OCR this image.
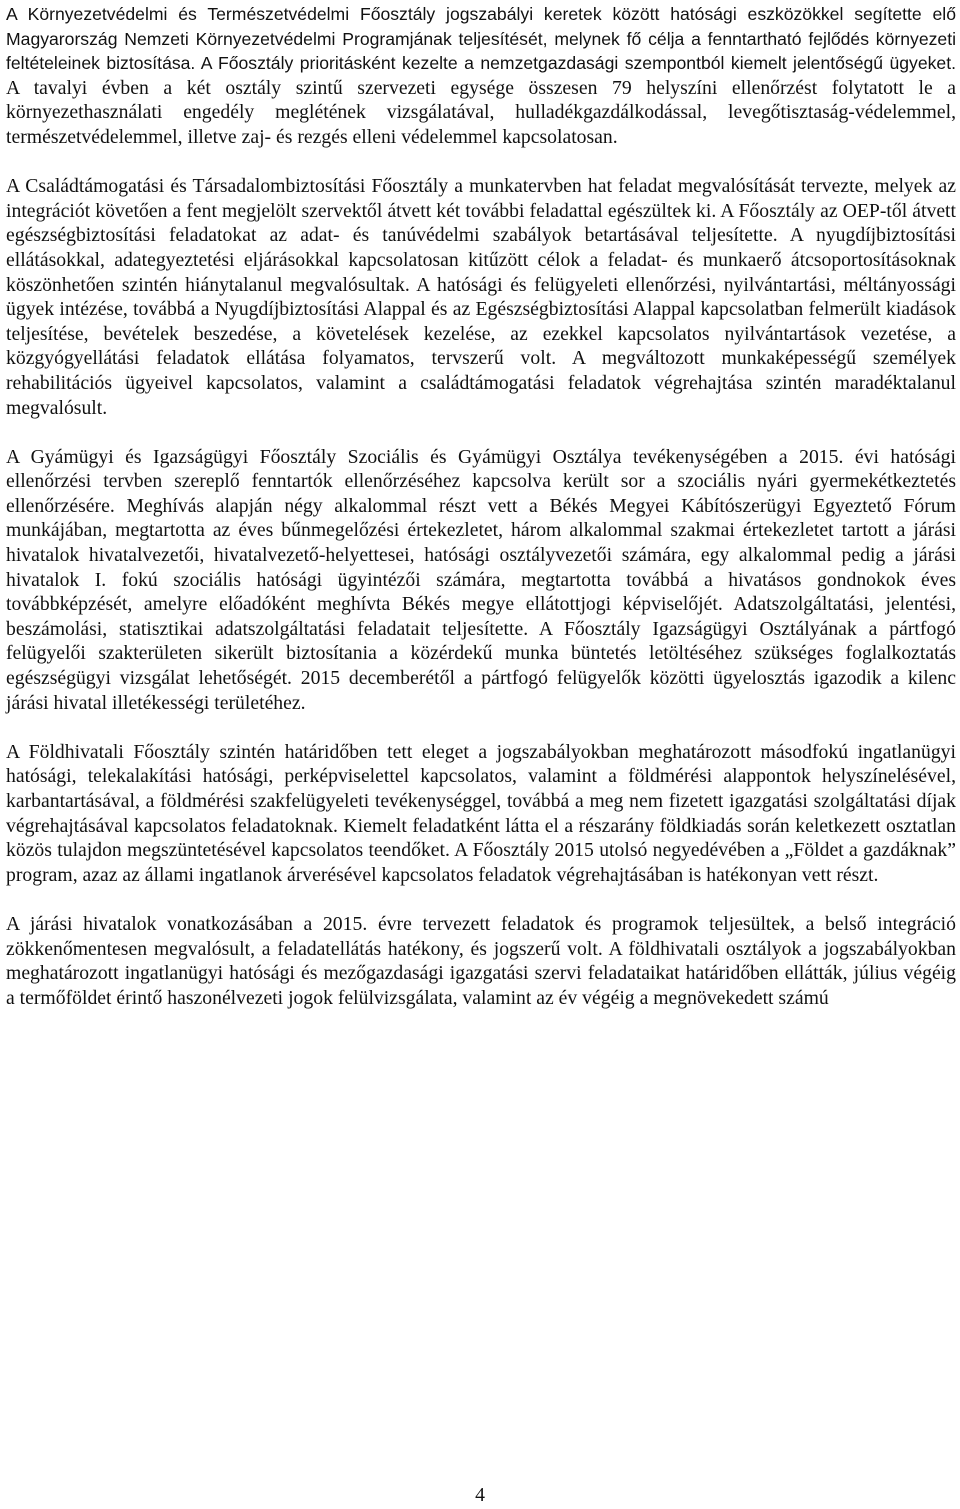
A Környezetvédelmi és Természetvédelmi Főosztály jogszabályi keretek között hatósági eszközökkel segítette elő Magyarország Nemzeti Környezetvédelmi Programjának teljesítését, melynek fő célja a fenntartható fejlődés környezeti feltételeinek biztosítása. A Főosztály prioritásként kezelte a nemzetgazdasági szempontból kiemelt jelentőségű ügyeket. A tavalyi évben a két osztály szintű szervezeti egysége összesen 79 helyszíni ellenőrzést folytatott le a környezethasználati engedély meglétének vizsgálatával, hulladékgazdálkodással, levegőtisztaság-védelemmel, természetvédelemmel, illetve zaj- és rezgés elleni védelemmel kapcsolatosan.

A Családtámogatási és Társadalombiztosítási Főosztály a munkatervben hat feladat megvalósítását tervezte, melyek az integrációt követően a fent megjelölt szervektől átvett két további feladattal egészültek ki. A Főosztály az OEP-től átvett egészségbiztosítási feladatokat az adat- és tanúvédelmi szabályok betartásával teljesítette. A nyugdíjbiztosítási ellátásokkal, adategyeztetési eljárásokkal kapcsolatosan kitűzött célok a feladat- és munkaerő átcsoportosításoknak köszönhetően szintén hiánytalanul megvalósultak. A hatósági és felügyeleti ellenőrzési, nyilvántartási, méltányossági ügyek intézése, továbbá a Nyugdíjbiztosítási Alappal és az Egészségbiztosítási Alappal kapcsolatban felmerült kiadások teljesítése, bevételek beszedése, a követelések kezelése, az ezekkel kapcsolatos nyilvántartások vezetése, a közgyógyellátási feladatok ellátása folyamatos, tervszerű volt. A megváltozott munkaképességű személyek rehabilitációs ügyeivel kapcsolatos, valamint a családtámogatási feladatok végrehajtása szintén maradéktalanul megvalósult.

A Gyámügyi és Igazságügyi Főosztály Szociális és Gyámügyi Osztálya tevékenységében a 2015. évi hatósági ellenőrzési tervben szereplő fenntartók ellenőrzéséhez kapcsolva került sor a szociális nyári gyermekétkeztetés ellenőrzésére. Meghívás alapján négy alkalommal részt vett a Békés Megyei Kábítószerügyi Egyeztető Fórum munkájában, megtartotta az éves bűnmegelőzési értekezletet, három alkalommal szakmai értekezletet tartott a járási hivatalok hivatalvezetői, hivatalvezető-helyettesei, hatósági osztályvezetői számára, egy alkalommal pedig a járási hivatalok I. fokú szociális hatósági ügyintézői számára, megtartotta továbbá a hivatásos gondnokok éves továbbképzését, amelyre előadóként meghívta Békés megye ellátottjogi képviselőjét. Adatszolgáltatási, jelentési, beszámolási, statisztikai adatszolgáltatási feladatait teljesítette. A Főosztály Igazságügyi Osztályának a pártfogó felügyelői szakterületen sikerült biztosítania a közérdekű munka büntetés letöltéséhez szükséges foglalkoztatás egészségügyi vizsgálat lehetőségét. 2015 decemberétől a pártfogó felügyelők közötti ügyelosztás igazodik a kilenc járási hivatal illetékességi területéhez.

A Földhivatali Főosztály szintén határidőben tett eleget a jogszabályokban meghatározott másodfokú ingatlanügyi hatósági, telekalakítási hatósági, perképviselettel kapcsolatos, valamint a földmérési alappontok helyszínelésével, karbantartásával, a földmérési szakfelügyeleti tevékenységgel, továbbá a meg nem fizetett igazgatási szolgáltatási díjak végrehajtásával kapcsolatos feladatoknak. Kiemelt feladatként látta el a részarány földkiadás során keletkezett osztatlan közös tulajdon megszüntetésével kapcsolatos teendőket. A Főosztály 2015 utolsó negyedévében a „Földet a gazdáknak” program, azaz az állami ingatlanok árverésével kapcsolatos feladatok végrehajtásában is hatékonyan vett részt.

A járási hivatalok vonatkozásában a 2015. évre tervezett feladatok és programok teljesültek, a belső integráció zökkenőmentesen megvalósult, a feladatellátás hatékony, és jogszerű volt. A földhivatali osztályok a jogszabályokban meghatározott ingatlanügyi hatósági és mezőgazdasági igazgatási szervi feladataikat határidőben ellátták, július végéig a termőföldet érintő haszonélvezeti jogok felülvizsgálata, valamint az év végéig a megnövekedett számú

4
